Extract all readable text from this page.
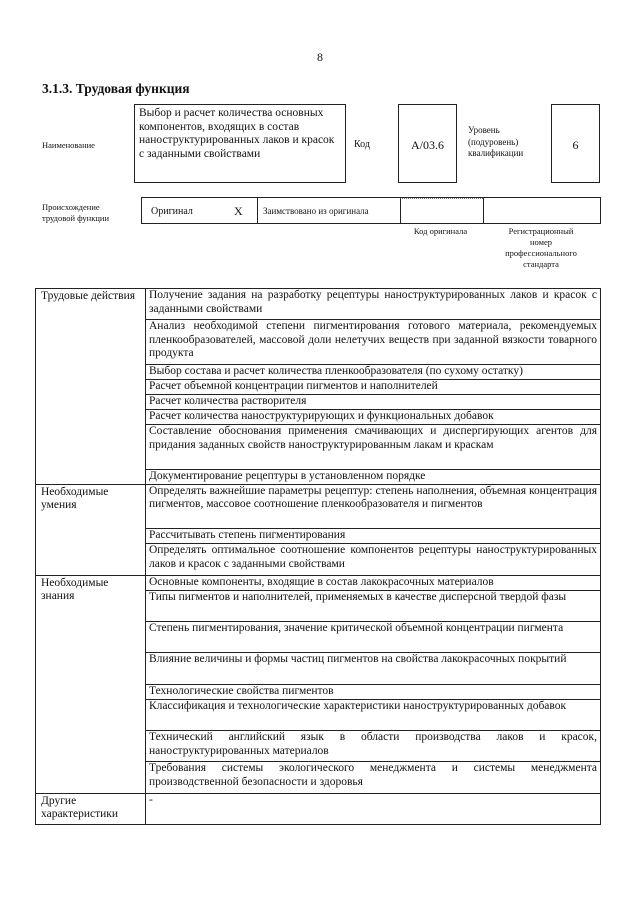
8
3.1.3. Трудовая функция
Наименование
Выбор и расчет количества основных компонентов, входящих в состав наноструктурированных лаков и красок с заданными свойствами
Код	А/03.6
Уровень
(подуровень)
квалификации
6
Происхождение
трудовой функции
Оригинал	X	Заимствовано из оригинала
Код оригинала	Регистрационный
номер
профессионального
стандарта
Трудовые действия	Получение задания на разработку рецептуры наноструктурированных лаков и красок с заданными свойствами
	Анализ необходимой степени пигментирования готового материала, рекомендуемых пленкообразователей, массовой доли нелетучих веществ при заданной вязкости товарного продукта
	Выбор состава и расчет количества пленкообразователя (по сухому остатку)
	Расчет объемной концентрации пигментов и наполнителей
	Расчет количества растворителя
	Расчет количества наноструктурирующих и функциональных добавок
	Составление обоснования применения смачивающих и диспергирующих агентов для придания заданных свойств наноструктурированным лакам и краскам
	Документирование рецептуры в установленном порядке
Необходимые умения	Определять важнейшие параметры рецептур: степень наполнения, объемная концентрация пигментов, массовое соотношение пленкообразователя и пигментов
	Рассчитывать степень пигментирования
	Определять оптимальное соотношение компонентов рецептуры наноструктурированных лаков и красок с заданными свойствами
Необходимые знания	Основные компоненты, входящие в состав лакокрасочных материалов
	Типы пигментов и наполнителей, применяемых в качестве дисперсной твердой фазы
	Степень пигментирования, значение критической объемной концентрации пигмента
	Влияние величины и формы частиц пигментов на свойства лакокрасочных покрытий
	Технологические свойства пигментов
	Классификация и технологические характеристики наноструктурированных добавок
	Технический английский язык в области производства лаков и красок, наноструктурированных материалов
	Требования системы экологического менеджмента и системы менеджмента производственной безопасности и здоровья
Другие характеристики	-
